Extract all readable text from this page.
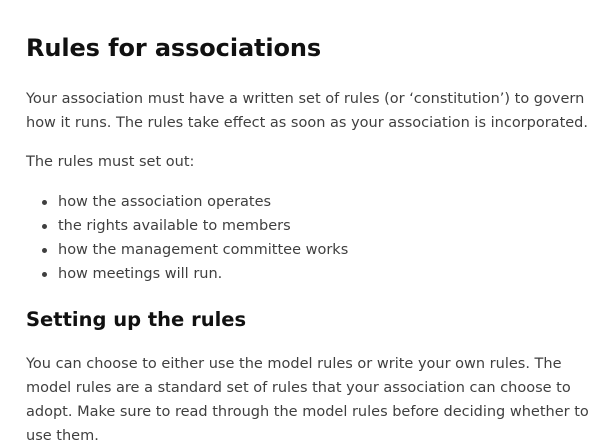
Rules for associations

Your association must have a written set of rules (or ‘constitution’) to govern how it runs. The rules take effect as soon as your association is incorporated.

The rules must set out:

how the association operates
the rights available to members
how the management committee works
how meetings will run.
Setting up the rules

You can choose to either use the model rules or write your own rules. The model rules are a standard set of rules that your association can choose to adopt. Make sure to read through the model rules before deciding whether to use them.
